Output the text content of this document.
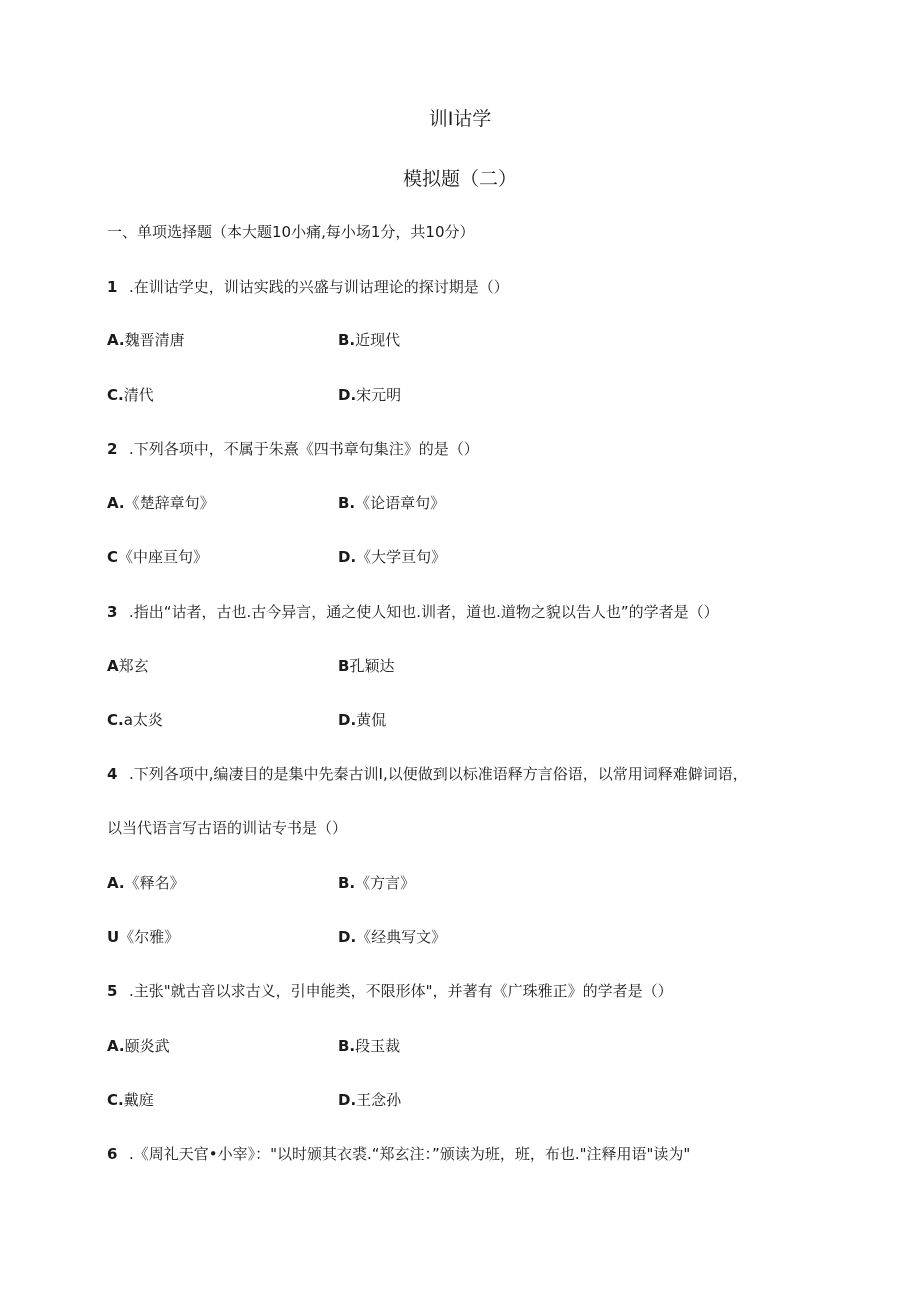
训I诂学
模拟题（二）
一、单项选择题（本大题10小痛,每小场1分，共10分）
1 .在训诂学史，训诂实践的兴盛与训诂理论的探讨期是（）
A.魏晋清唐	B.近现代
C.清代	D.宋元明
2 .下列各项中，不属于朱熹《四书章句集注》的是（）
A.《楚辞章句》	B.《论语章句》
C《中座亘句》	D.《大学亘句》
3 .指出“诂者，古也.古今异言，通之使人知也.训者，道也.道物之貌以告人也”的学者是（）
A郑玄	B孔颖达
C.a太炎	D.黄侃
4 .下列各项中,编凄目的是集中先秦古训I,以便做到以标准语释方言俗语，以常用词释难僻词语，
以当代语言写古语的训诂专书是（）
A.《释名》	B.《方言》
U《尔雅》	D.《经典写文》
5 .主张"就古音以求古义，引申能类，不限形体"，并著有《广珠雅正》的学者是（）
A.颐炎武	B.段玉裁
C.戴庭	D.王念孙
6 .《周礼天官•小宰》："以时颁其衣裘.“郑玄注：”颁读为班，班，布也."注释用语"读为"
